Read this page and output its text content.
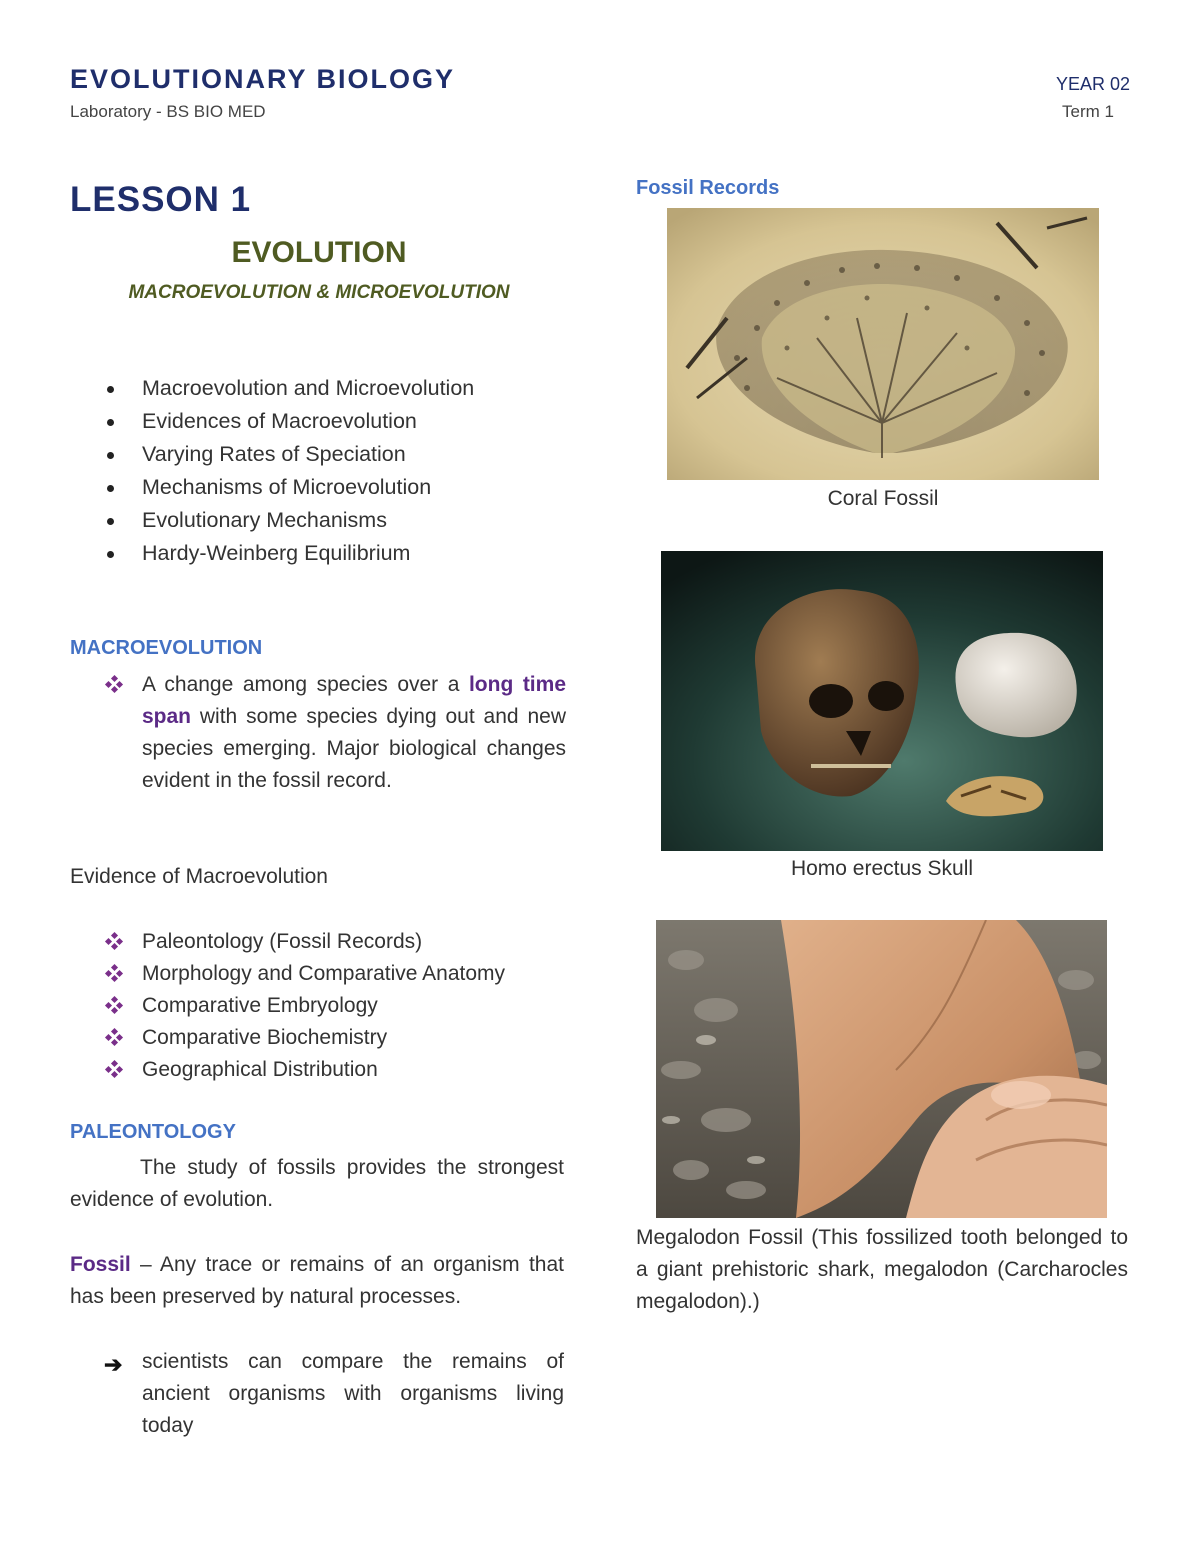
EVOLUTIONARY BIOLOGY
Laboratory - BS BIO MED
YEAR 02
Term 1
LESSON 1
EVOLUTION
MACROEVOLUTION & MICROEVOLUTION
Macroevolution and Microevolution
Evidences of Macroevolution
Varying Rates of Speciation
Mechanisms of Microevolution
Evolutionary Mechanisms
Hardy-Weinberg Equilibrium
MACROEVOLUTION
A change among species over a long time span with some species dying out and new species emerging. Major biological changes evident in the fossil record.
Evidence of Macroevolution
Paleontology (Fossil Records)
Morphology and Comparative Anatomy
Comparative Embryology
Comparative Biochemistry
Geographical Distribution
PALEONTOLOGY
The study of fossils provides the strongest evidence of evolution.
Fossil – Any trace or remains of an organism that has been preserved by natural processes.
➔ scientists can compare the remains of ancient organisms with organisms living today
Fossil Records
Coral Fossil
Homo erectus Skull
Megalodon Fossil (This fossilized tooth belonged to a giant prehistoric shark, megalodon (Carcharocles megalodon).)
